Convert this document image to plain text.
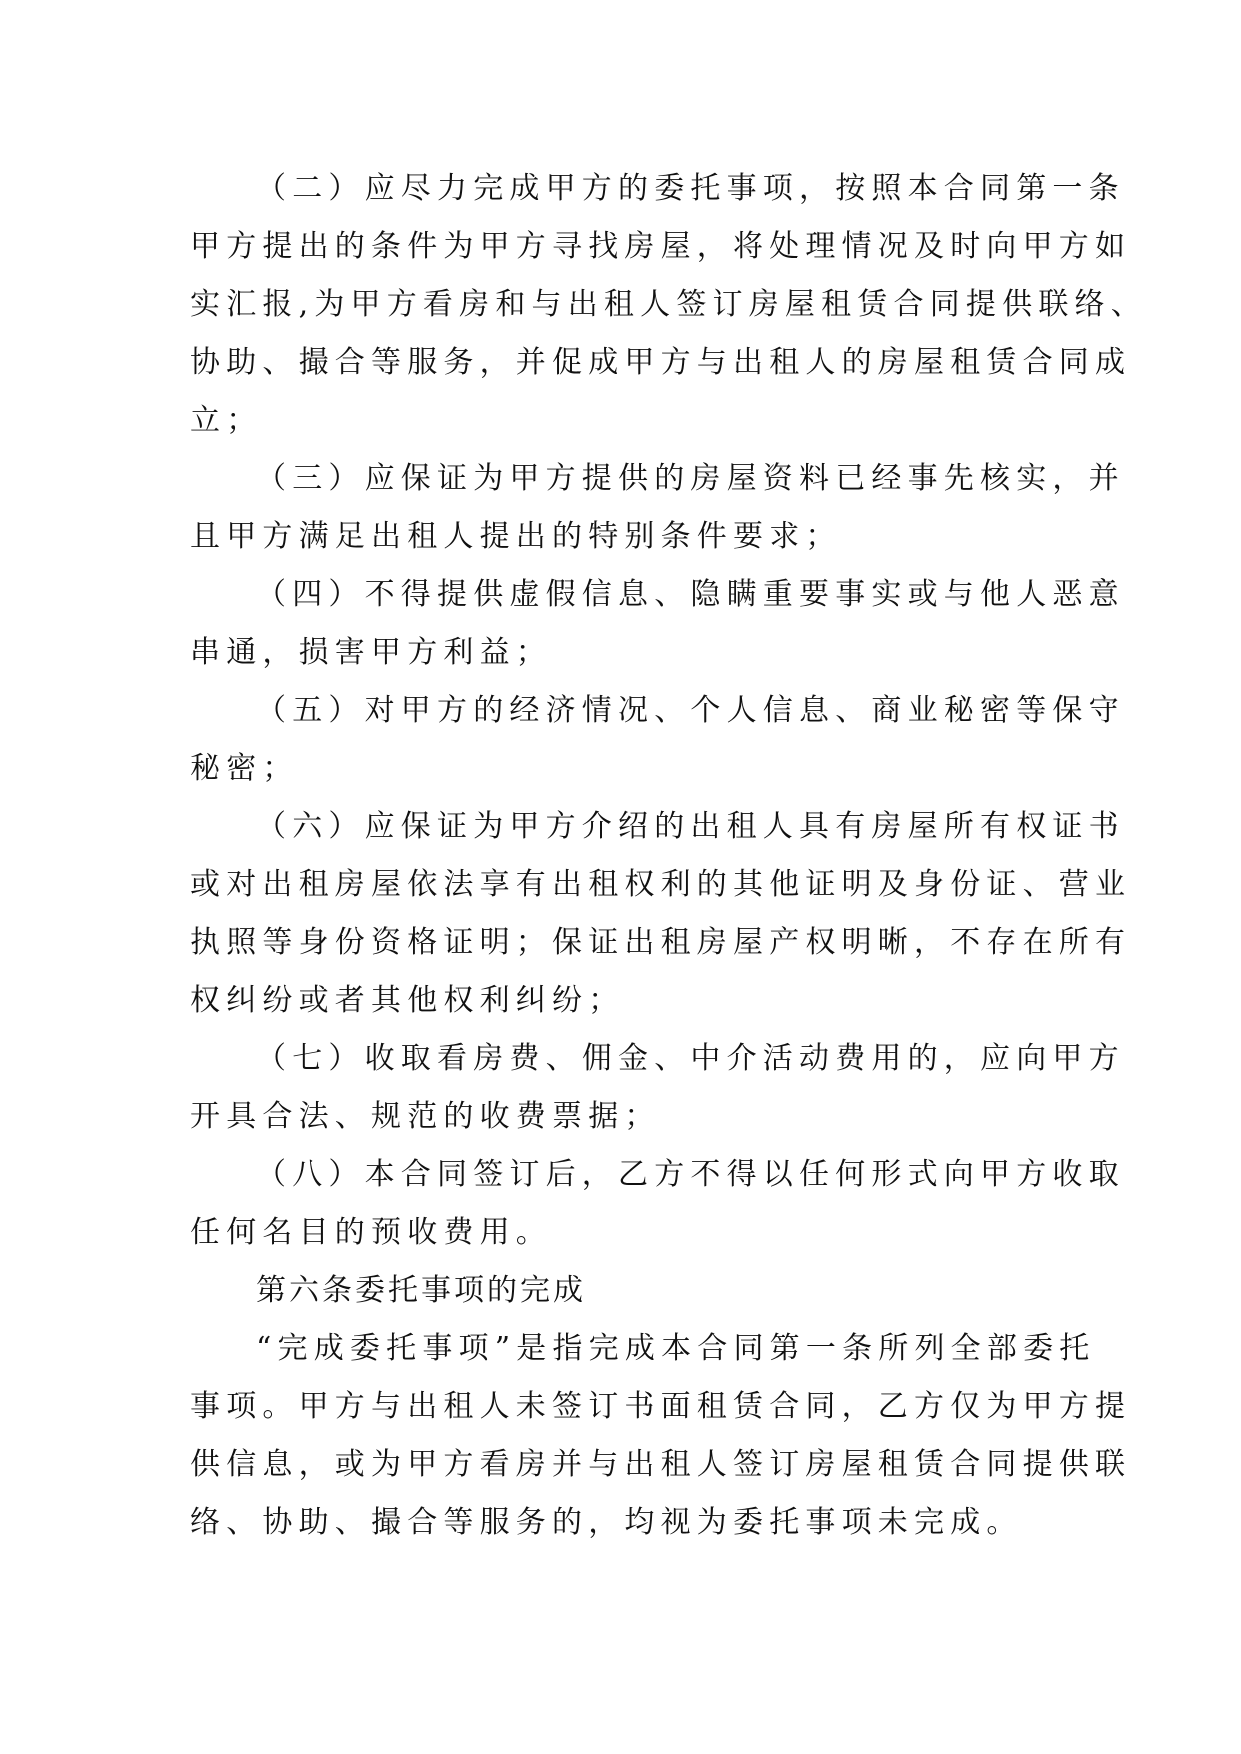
（二）应尽力完成甲方的委托事项，按照本合同第一条
甲方提出的条件为甲方寻找房屋，将处理情况及时向甲方如
实汇报,为甲方看房和与出租人签订房屋租赁合同提供联络、
协助、撮合等服务，并促成甲方与出租人的房屋租赁合同成
立；
（三）应保证为甲方提供的房屋资料已经事先核实，并
且甲方满足出租人提出的特别条件要求；
（四）不得提供虚假信息、隐瞒重要事实或与他人恶意
串通，损害甲方利益；
（五）对甲方的经济情况、个人信息、商业秘密等保守
秘密；
（六）应保证为甲方介绍的出租人具有房屋所有权证书
或对出租房屋依法享有出租权利的其他证明及身份证、营业
执照等身份资格证明；保证出租房屋产权明晰，不存在所有
权纠纷或者其他权利纠纷；
（七）收取看房费、佣金、中介活动费用的，应向甲方
开具合法、规范的收费票据；
（八）本合同签订后，乙方不得以任何形式向甲方收取
任何名目的预收费用。
第六条委托事项的完成
“完成委托事项”是指完成本合同第一条所列全部委托
事项。甲方与出租人未签订书面租赁合同，乙方仅为甲方提
供信息，或为甲方看房并与出租人签订房屋租赁合同提供联
络、协助、撮合等服务的，均视为委托事项未完成。
